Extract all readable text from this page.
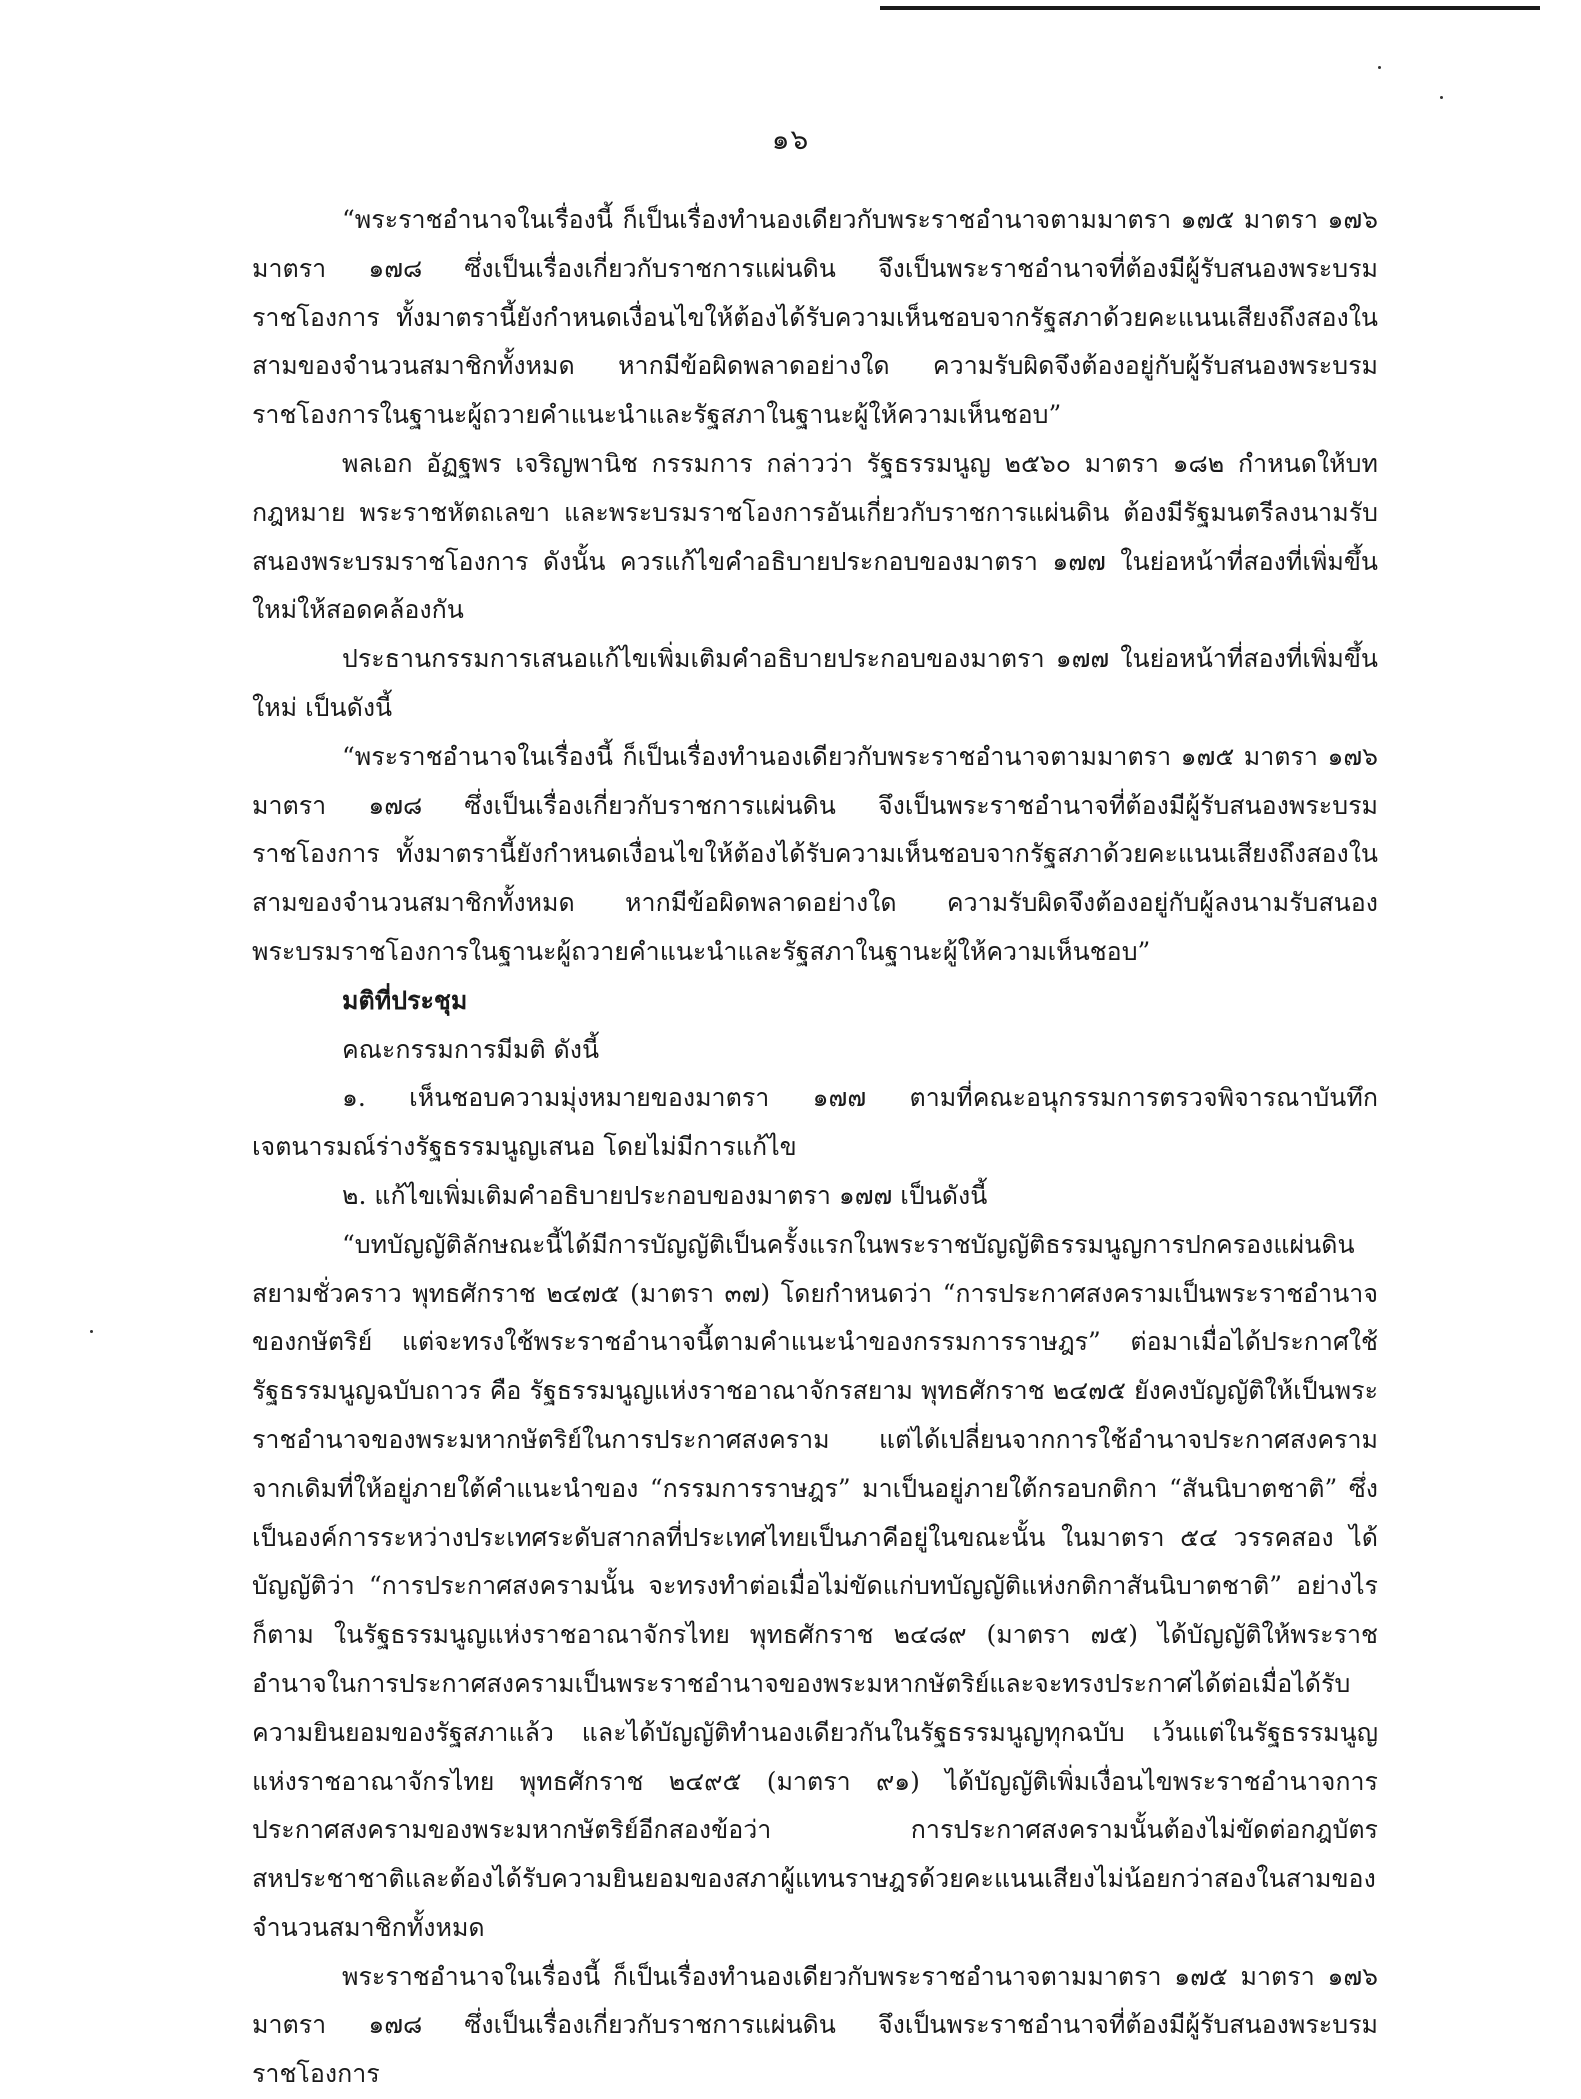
๑๖

“พระราชอำนาจในเรื่องนี้ ก็เป็นเรื่องทำนองเดียวกับพระราชอำนาจตามมาตรา ๑๗๕ มาตรา ๑๗๖ มาตรา ๑๗๘ ซึ่งเป็นเรื่องเกี่ยวกับราชการแผ่นดิน จึงเป็นพระราชอำนาจที่ต้องมีผู้รับสนองพระบรมราชโองการ ทั้งมาตรานี้ยังกำหนดเงื่อนไขให้ต้องได้รับความเห็นชอบจากรัฐสภาด้วยคะแนนเสียงถึงสองในสามของจำนวนสมาชิกทั้งหมด หากมีข้อผิดพลาดอย่างใด ความรับผิดจึงต้องอยู่กับผู้รับสนองพระบรมราชโองการในฐานะผู้ถวายคำแนะนำและรัฐสภาในฐานะผู้ให้ความเห็นชอบ”

พลเอก อัฏฐพร เจริญพานิช กรรมการ กล่าวว่า รัฐธรรมนูญ ๒๕๖๐ มาตรา ๑๘๒ กำหนดให้บทกฎหมาย พระราชหัตถเลขา และพระบรมราชโองการอันเกี่ยวกับราชการแผ่นดิน ต้องมีรัฐมนตรีลงนามรับสนองพระบรมราชโองการ ดังนั้น ควรแก้ไขคำอธิบายประกอบของมาตรา ๑๗๗ ในย่อหน้าที่สองที่เพิ่มขึ้นใหม่ให้สอดคล้องกัน

ประธานกรรมการเสนอแก้ไขเพิ่มเติมคำอธิบายประกอบของมาตรา ๑๗๗ ในย่อหน้าที่สองที่เพิ่มขึ้นใหม่ เป็นดังนี้

“พระราชอำนาจในเรื่องนี้ ก็เป็นเรื่องทำนองเดียวกับพระราชอำนาจตามมาตรา ๑๗๕ มาตรา ๑๗๖ มาตรา ๑๗๘ ซึ่งเป็นเรื่องเกี่ยวกับราชการแผ่นดิน จึงเป็นพระราชอำนาจที่ต้องมีผู้รับสนองพระบรมราชโองการ ทั้งมาตรานี้ยังกำหนดเงื่อนไขให้ต้องได้รับความเห็นชอบจากรัฐสภาด้วยคะแนนเสียงถึงสองในสามของจำนวนสมาชิกทั้งหมด หากมีข้อผิดพลาดอย่างใด ความรับผิดจึงต้องอยู่กับผู้ลงนามรับสนองพระบรมราชโองการในฐานะผู้ถวายคำแนะนำและรัฐสภาในฐานะผู้ให้ความเห็นชอบ”

มติที่ประชุม

คณะกรรมการมีมติ ดังนี้

๑. เห็นชอบความมุ่งหมายของมาตรา ๑๗๗ ตามที่คณะอนุกรรมการตรวจพิจารณาบันทึกเจตนารมณ์ร่างรัฐธรรมนูญเสนอ โดยไม่มีการแก้ไข

๒. แก้ไขเพิ่มเติมคำอธิบายประกอบของมาตรา ๑๗๗ เป็นดังนี้

“บทบัญญัติลักษณะนี้ได้มีการบัญญัติเป็นครั้งแรกในพระราชบัญญัติธรรมนูญการปกครองแผ่นดินสยามชั่วคราว พุทธศักราช ๒๔๗๕ (มาตรา ๓๗) โดยกำหนดว่า “การประกาศสงครามเป็นพระราชอำนาจของกษัตริย์ แต่จะทรงใช้พระราชอำนาจนี้ตามคำแนะนำของกรรมการราษฎร” ต่อมาเมื่อได้ประกาศใช้รัฐธรรมนูญฉบับถาวร คือ รัฐธรรมนูญแห่งราชอาณาจักรสยาม พุทธศักราช ๒๔๗๕ ยังคงบัญญัติให้เป็นพระราชอำนาจของพระมหากษัตริย์ในการประกาศสงคราม แต่ได้เปลี่ยนจากการใช้อำนาจประกาศสงครามจากเดิมที่ให้อยู่ภายใต้คำแนะนำของ “กรรมการราษฎร” มาเป็นอยู่ภายใต้กรอบกติกา “สันนิบาตชาติ” ซึ่งเป็นองค์การระหว่างประเทศระดับสากลที่ประเทศไทยเป็นภาคีอยู่ในขณะนั้น ในมาตรา ๕๔ วรรคสอง ได้บัญญัติว่า “การประกาศสงครามนั้น จะทรงทำต่อเมื่อไม่ขัดแก่บทบัญญัติแห่งกติกาสันนิบาตชาติ” อย่างไรก็ตาม ในรัฐธรรมนูญแห่งราชอาณาจักรไทย พุทธศักราช ๒๔๘๙ (มาตรา ๗๕) ได้บัญญัติให้พระราชอำนาจในการประกาศสงครามเป็นพระราชอำนาจของพระมหากษัตริย์และจะทรงประกาศได้ต่อเมื่อได้รับความยินยอมของรัฐสภาแล้ว และได้บัญญัติทำนองเดียวกันในรัฐธรรมนูญทุกฉบับ เว้นแต่ในรัฐธรรมนูญแห่งราชอาณาจักรไทย พุทธศักราช ๒๔๙๕ (มาตรา ๙๑) ได้บัญญัติเพิ่มเงื่อนไขพระราชอำนาจการประกาศสงครามของพระมหากษัตริย์อีกสองข้อว่า การประกาศสงครามนั้นต้องไม่ขัดต่อกฎบัตรสหประชาชาติและต้องได้รับความยินยอมของสภาผู้แทนราษฎรด้วยคะแนนเสียงไม่น้อยกว่าสองในสามของจำนวนสมาชิกทั้งหมด

พระราชอำนาจในเรื่องนี้ ก็เป็นเรื่องทำนองเดียวกับพระราชอำนาจตามมาตรา ๑๗๕ มาตรา ๑๗๖ มาตรา ๑๗๘ ซึ่งเป็นเรื่องเกี่ยวกับราชการแผ่นดิน จึงเป็นพระราชอำนาจที่ต้องมีผู้รับสนองพระบรมราชโองการ
